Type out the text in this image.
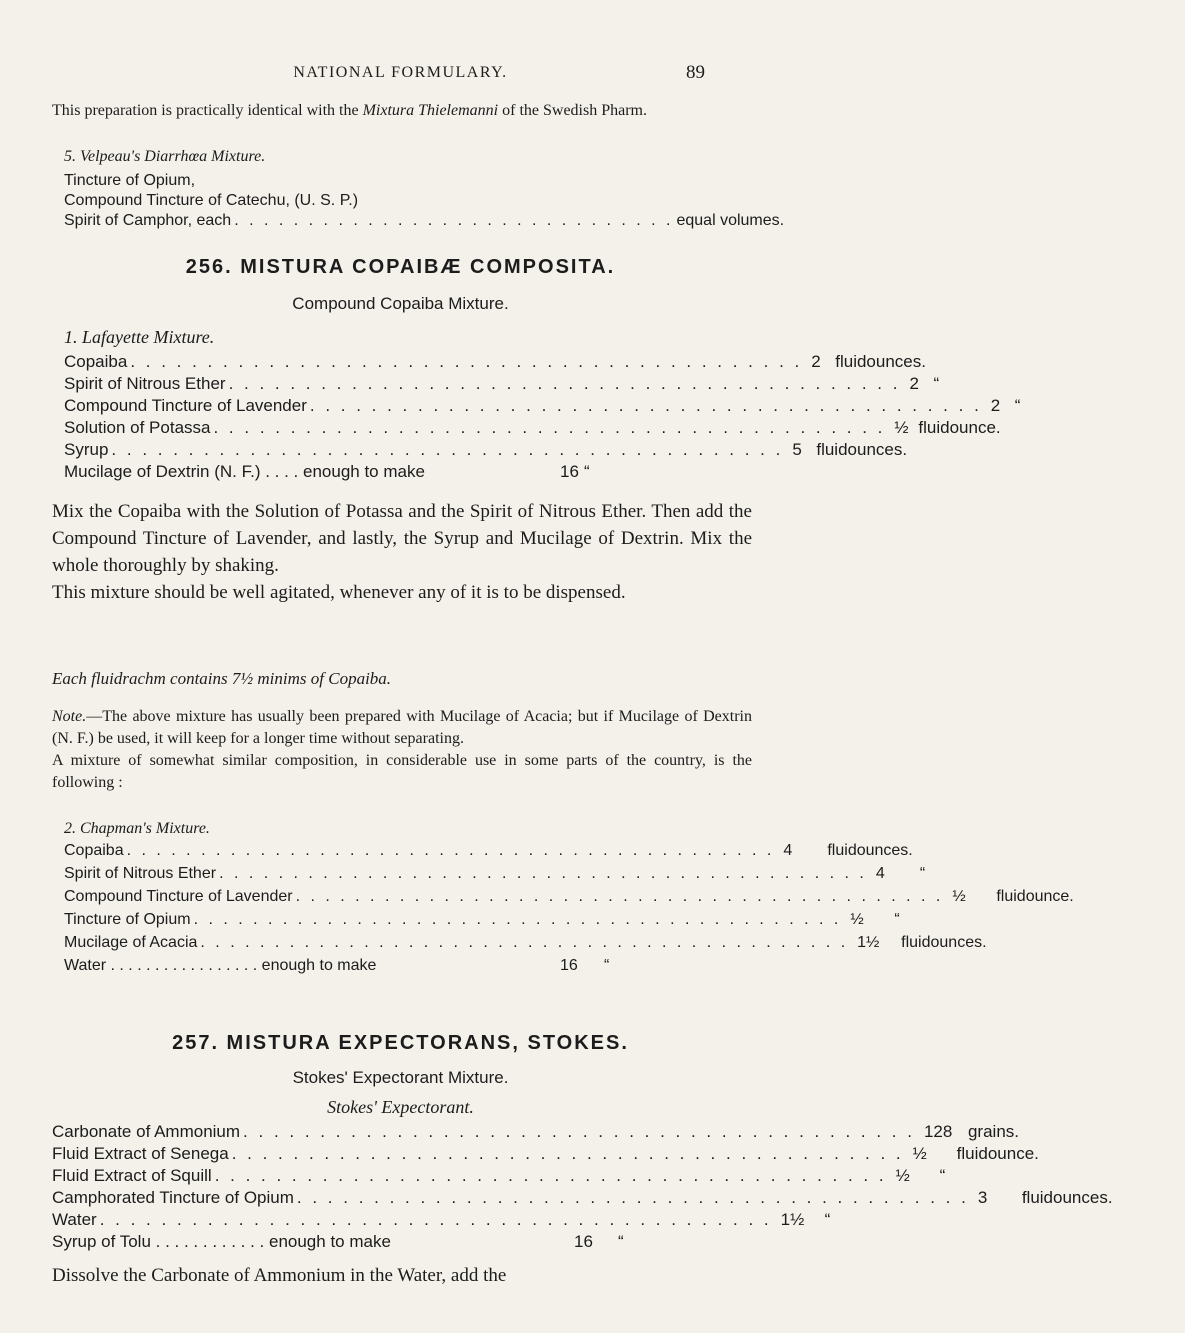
NATIONAL FORMULARY.	89

This preparation is practically identical with the Mixtura Thielemanni of the Swedish Pharm.

5. Velpeau's Diarrhœa Mixture.

Tincture of Opium,
Compound Tincture of Catechu, (U. S. P.)
Spirit of Camphor, each . . . . . . . . . . . . . . . . . . . . . . . . . . . . . . equal volumes.

256. MISTURA COPAIBÆ COMPOSITA.

Compound Copaiba Mixture.

1. Lafayette Mixture.

Copaiba . . . . . . . . . . . . . . . . . . . . . . . . . . . . . . . . . . . . . . . . . . . . 2 fluidounces.
Spirit of Nitrous Ether . . . . . . . . . . . . . . . . . . . . . . . . . . . . . . . . . . . . . . . . . . . . 2 “
Compound Tincture of Lavender . . . . . . . . . . . . . . . . . . . . . . . . . . . . . . . . . . . . . . . . . . . . 2 “
Solution of Potassa . . . . . . . . . . . . . . . . . . . . . . . . . . . . . . . . . . . . . . . . . . . . ½ fluidounce.
Syrup . . . . . . . . . . . . . . . . . . . . . . . . . . . . . . . . . . . . . . . . . . . . 5 fluidounces.
Mucilage of Dextrin (N. F.) . . . . enough to make	16 “

Mix the Copaiba with the Solution of Potassa and the Spirit of Nitrous Ether. Then add the Compound Tincture of Lavender, and lastly, the Syrup and Mucilage of Dextrin. Mix the whole thoroughly by shaking.

This mixture should be well agitated, whenever any of it is to be dispensed.

Each fluidrachm contains 7½ minims of Copaiba.

Note.—The above mixture has usually been prepared with Mucilage of Acacia; but if Mucilage of Dextrin (N. F.) be used, it will keep for a longer time without separating.

A mixture of somewhat similar composition, in considerable use in some parts of the country, is the following :

2. Chapman's Mixture.

Copaiba . . . . . . . . . . . . . . . . . . . . . . . . . . . . . . . . . . . . . . . . . . . . 4	fluidounces.
Spirit of Nitrous Ether . . . . . . . . . . . . . . . . . . . . . . . . . . . . . . . . . . . . . . . . . . . . 4	“
Compound Tincture of Lavender . . . . . . . . . . . . . . . . . . . . . . . . . . . . . . . . . . . . . . . . . . . . ½	fluidounce.
Tincture of Opium . . . . . . . . . . . . . . . . . . . . . . . . . . . . . . . . . . . . . . . . . . . . ½	“
Mucilage of Acacia . . . . . . . . . . . . . . . . . . . . . . . . . . . . . . . . . . . . . . . . . . . . 1½	fluidounces.
Water . . . . . . . . . . . . . . . . . enough to make	16	“

257. MISTURA EXPECTORANS, STOKES.

Stokes' Expectorant Mixture.

Stokes' Expectorant.

Carbonate of Ammonium . . . . . . . . . . . . . . . . . . . . . . . . . . . . . . . . . . . . . . . . . . . . 128 grains.
Fluid Extract of Senega . . . . . . . . . . . . . . . . . . . . . . . . . . . . . . . . . . . . . . . . . . . . ½	fluidounce.
Fluid Extract of Squill . . . . . . . . . . . . . . . . . . . . . . . . . . . . . . . . . . . . . . . . . . . . ½	“
Camphorated Tincture of Opium . . . . . . . . . . . . . . . . . . . . . . . . . . . . . . . . . . . . . . . . . . . . 3	fluidounces.
Water . . . . . . . . . . . . . . . . . . . . . . . . . . . . . . . . . . . . . . . . . . . . 1½	“
Syrup of Tolu . . . . . . . . . . . . enough to make	16	“

Dissolve the Carbonate of Ammonium in the Water, add the
